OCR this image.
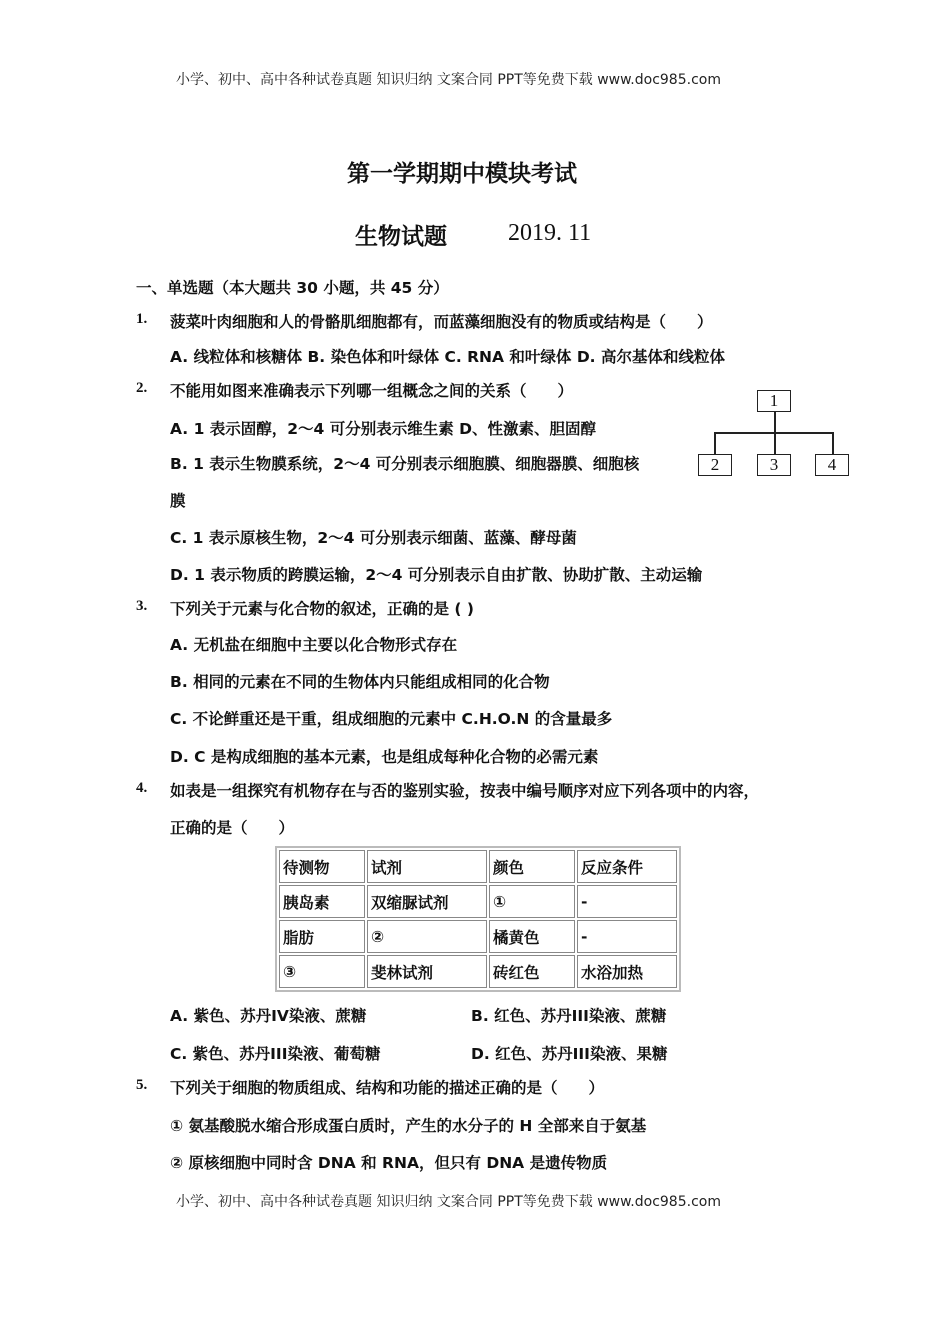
小学、初中、高中各种试卷真题 知识归纳 文案合同 PPT等免费下载 www.doc985.com
第一学期期中模块考试
生物试题	2019. 11
一、单选题（本大题共 30 小题，共 45 分）
1. 菠菜叶肉细胞和人的骨骼肌细胞都有，而蓝藻细胞没有的物质或结构是（　　）
A. 线粒体和核糖体 B. 染色体和叶绿体 C. RNA 和叶绿体 D. 高尔基体和线粒体
2. 不能用如图来准确表示下列哪一组概念之间的关系（　　）
A. 1 表示固醇，2～4 可分别表示维生素 D、性激素、胆固醇
B. 1 表示生物膜系统，2～4 可分别表示细胞膜、细胞器膜、细胞核
膜
C. 1 表示原核生物，2～4 可分别表示细菌、蓝藻、酵母菌
D. 1 表示物质的跨膜运输，2～4 可分别表示自由扩散、协助扩散、主动运输
1
2	3	4
3. 下列关于元素与化合物的叙述，正确的是 ( )
A. 无机盐在细胞中主要以化合物形式存在
B. 相同的元素在不同的生物体内只能组成相同的化合物
C. 不论鲜重还是干重，组成细胞的元素中 C.H.O.N 的含量最多
D. C 是构成细胞的基本元素，也是组成每种化合物的必需元素
4. 如表是一组探究有机物存在与否的鉴别实验，按表中编号顺序对应下列各项中的内容，
正确的是（　　）
待测物	试剂	颜色	反应条件
胰岛素	双缩脲试剂	①	-
脂肪	②	橘黄色	-
③	斐林试剂	砖红色	水浴加热
A. 紫色、苏丹IV染液、蔗糖	B. 红色、苏丹III染液、蔗糖
C. 紫色、苏丹III染液、葡萄糖	D. 红色、苏丹III染液、果糖
5. 下列关于细胞的物质组成、结构和功能的描述正确的是（　　）
① 氨基酸脱水缩合形成蛋白质时，产生的水分子的 H 全部来自于氨基
② 原核细胞中同时含 DNA 和 RNA，但只有 DNA 是遗传物质
小学、初中、高中各种试卷真题 知识归纳 文案合同 PPT等免费下载 www.doc985.com
